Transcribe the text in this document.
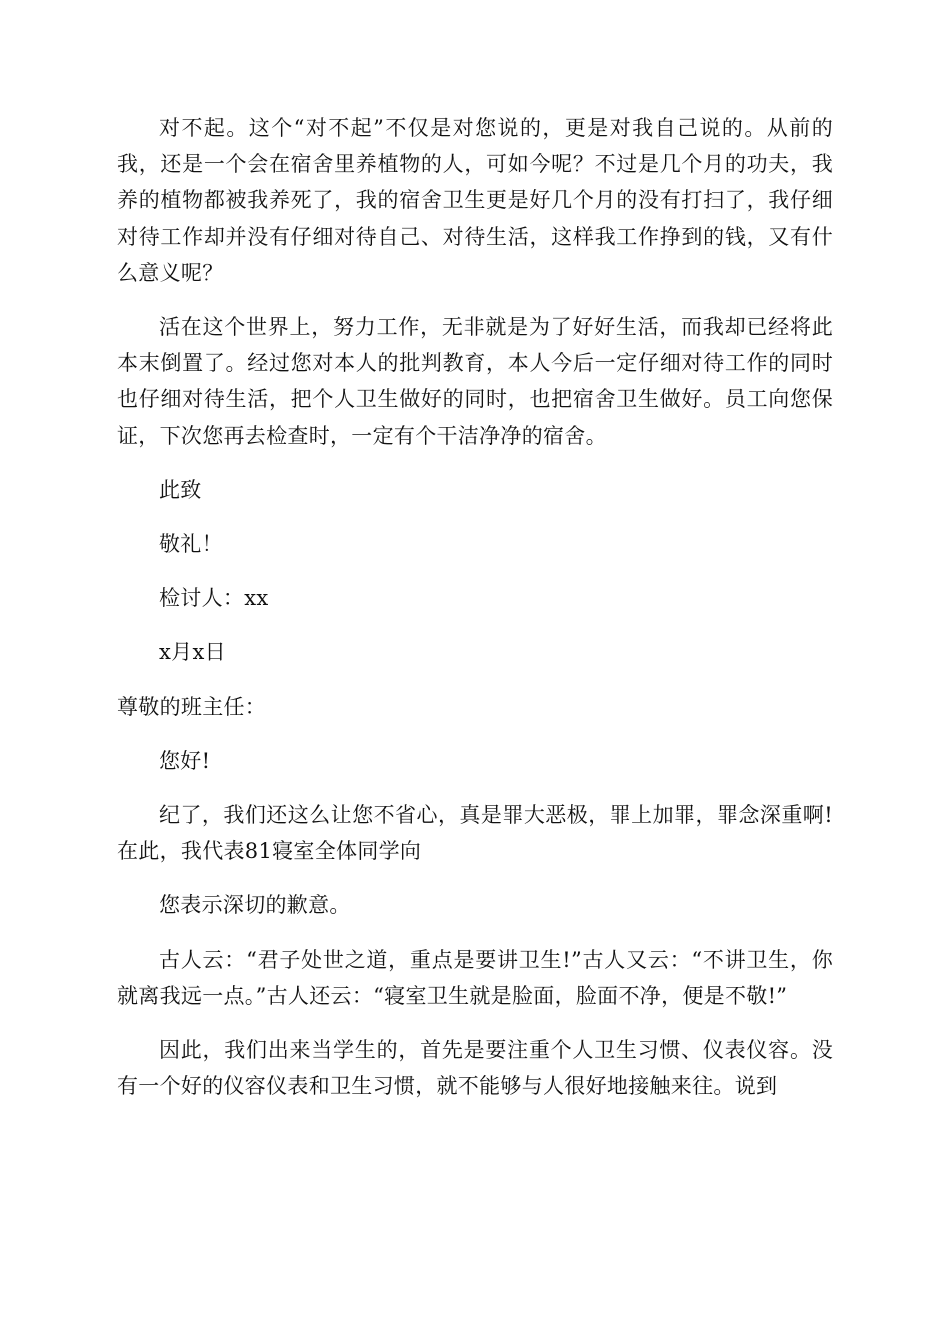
对不起。这个“对不起”不仅是对您说的，更是对我自己说的。从前的我，还是一个会在宿舍里养植物的人，可如今呢？不过是几个月的功夫，我养的植物都被我养死了，我的宿舍卫生更是好几个月的没有打扫了，我仔细对待工作却并没有仔细对待自己、对待生活，这样我工作挣到的钱，又有什么意义呢？

活在这个世界上，努力工作，无非就是为了好好生活，而我却已经将此本末倒置了。经过您对本人的批判教育，本人今后一定仔细对待工作的同时也仔细对待生活，把个人卫生做好的同时，也把宿舍卫生做好。员工向您保证，下次您再去检查时，一定有个干洁净净的宿舍。

此致

敬礼！

检讨人：xx

x月x日

尊敬的班主任：

您好!

纪了，我们还这么让您不省心，真是罪大恶极，罪上加罪，罪念深重啊!在此，我代表81寝室全体同学向

您表示深切的歉意。

古人云：“君子处世之道，重点是要讲卫生!”古人又云：“不讲卫生，你就离我远一点。”古人还云：“寝室卫生就是脸面，脸面不净，便是不敬!”

因此，我们出来当学生的，首先是要注重个人卫生习惯、仪表仪容。没有一个好的仪容仪表和卫生习惯，就不能够与人很好地接触来往。说到
